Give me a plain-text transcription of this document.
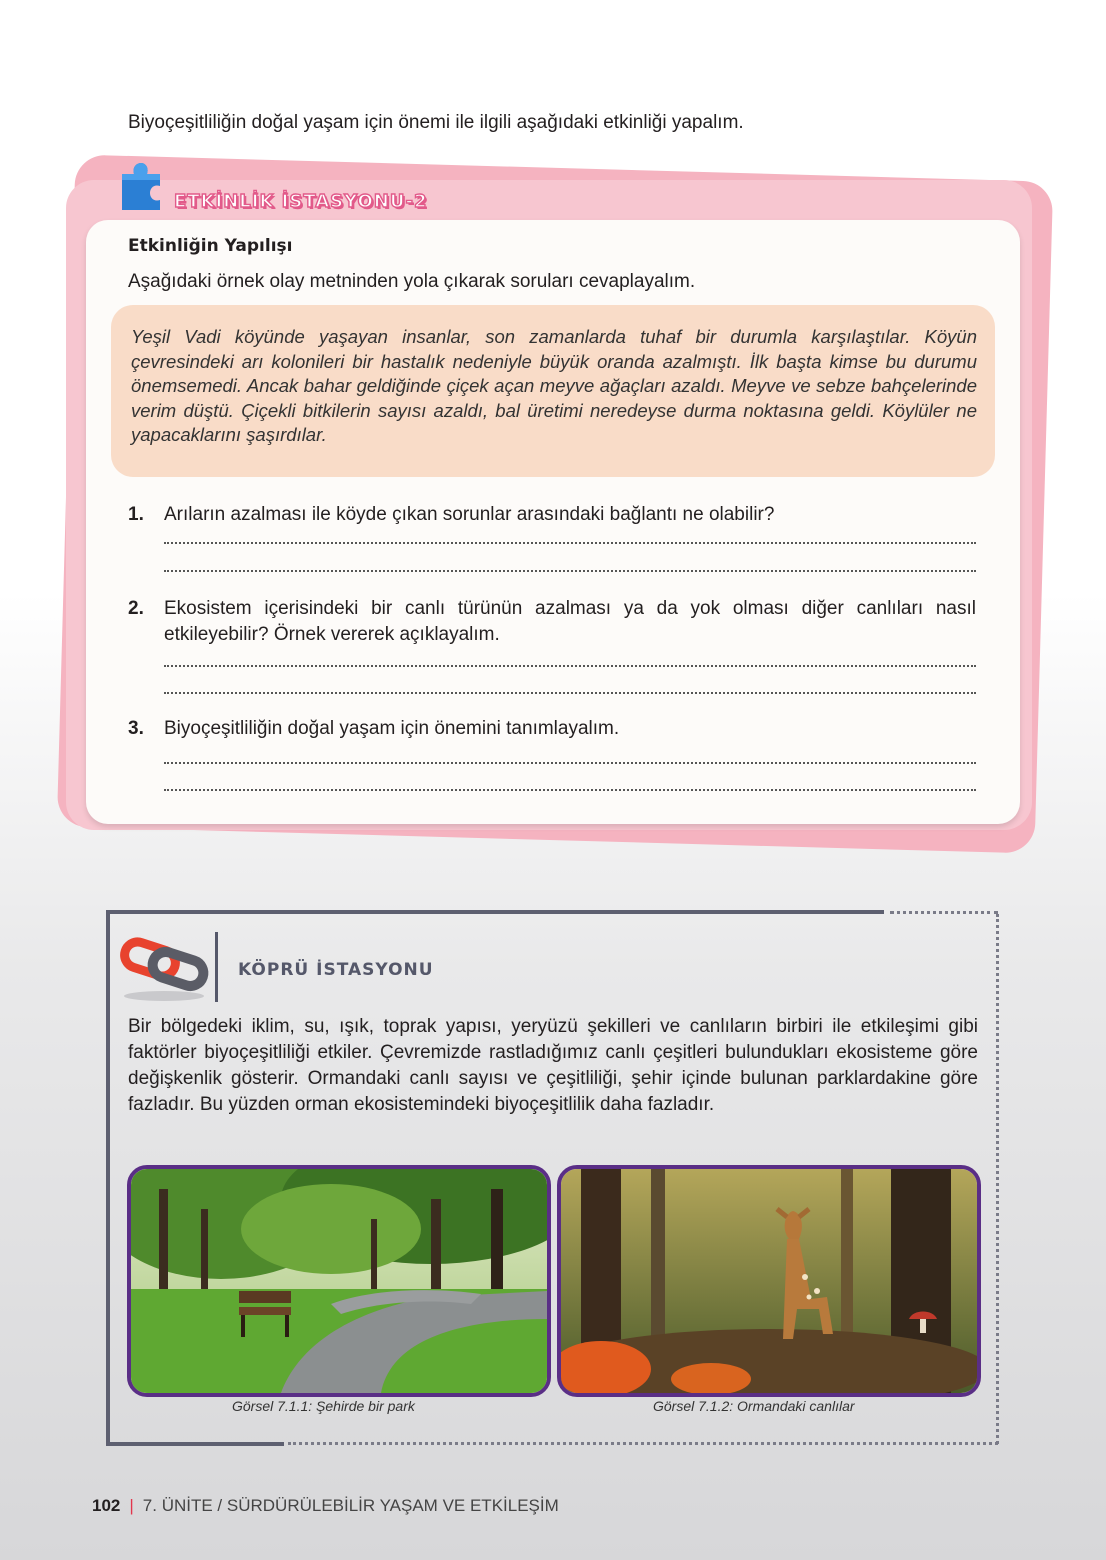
Biyoçeşitliliğin doğal yaşam için önemi ile ilgili aşağıdaki etkinliği yapalım.
ETKİNLİK İSTASYONU-2
Etkinliğin Yapılışı
Aşağıdaki örnek olay metninden yola çıkarak soruları cevaplayalım.

Yeşil Vadi köyünde yaşayan insanlar, son zamanlarda tuhaf bir durumla karşılaştılar. Köyün çevresindeki arı kolonileri bir hastalık nedeniyle büyük oranda azalmıştı. İlk başta kimse bu durumu önemsemedi. Ancak bahar geldiğinde çiçek açan meyve ağaçları azaldı. Meyve ve sebze bahçelerinde verim düştü. Çiçekli bitkilerin sayısı azaldı, bal üretimi neredeyse durma noktasına geldi. Köylüler ne yapacaklarını şaşırdılar.

1. Arıların azalması ile köyde çıkan sorunlar arasındaki bağlantı ne olabilir?
2. Ekosistem içerisindeki bir canlı türünün azalması ya da yok olması diğer canlıları nasıl etkileyebilir? Örnek vererek açıklayalım.
3. Biyoçeşitliliğin doğal yaşam için önemini tanımlayalım.
KÖPRÜ İSTASYONU

Bir bölgedeki iklim, su, ışık, toprak yapısı, yeryüzü şekilleri ve canlıların birbiri ile etkileşimi gibi faktörler biyoçeşitliliği etkiler. Çevremizde rastladığımız canlı çeşitleri bulundukları ekosisteme göre değişkenlik gösterir. Ormandaki canlı sayısı ve çeşitliliği, şehir içinde bulunan parklardakine göre fazladır. Bu yüzden orman ekosistemindeki biyoçeşitlilik daha fazladır.

Görsel 7.1.1: Şehirde bir park	Görsel 7.1.2: Ormandaki canlılar
102 | 7. ÜNİTE / SÜRDÜRÜLEBİLİR YAŞAM VE ETKİLEŞİM
